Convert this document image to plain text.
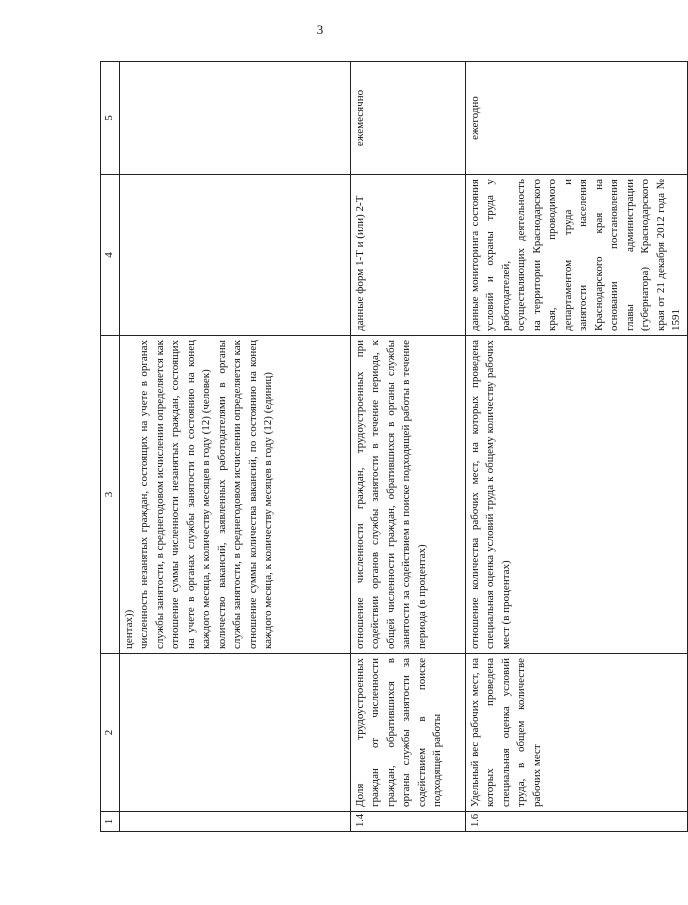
3
1	2	3	4	5

		центах)) численность незанятых граждан, состоящих на учете в органах службы занятости, в среднегодовом исчислении определяется как отношение суммы численности незанятых граждан, состоящих на учете в органах службы занятости по состоянию на конец каждого месяца, к количеству месяцев в году (12) (человек) количество вакансий, заявленных работодателями в органы службы занятости, в среднегодовом исчислении определяется как отношение суммы количества вакансий, по состоянию на конец каждого месяца, к количеству месяцев в году (12) (единиц)		

1.4	Доля трудоустроенных граждан от численности граждан, обратившихся в органы службы занятости за содействием в поиске подходящей работы	отношение численности граждан, трудоустроенных при содействии органов службы занятости в течение периода, к общей численности граждан, обратившихся в органы службы занятости за содействием в поиске подходящей работы в течение периода (в процентах)	данные форм 1-Т и (или) 2-Т	ежемесячно
1.6	Удельный вес рабочих мест, на которых проведена специальная оценка условий труда, в общем количестве рабочих мест	отношение количества рабочих мест, на которых проведена специальная оценка условий труда к общему количеству рабочих мест (в процентах)	данные мониторинга состояния условий и охраны труда у работодателей, осуществляющих деятельность на территории Краснодарского края, проводимого департаментом труда и занятости населения Краснодарского края на основании постановления главы администрации (губернатора) Краснодарского края от 21 декабря 2012 года № 1591	ежегодно
